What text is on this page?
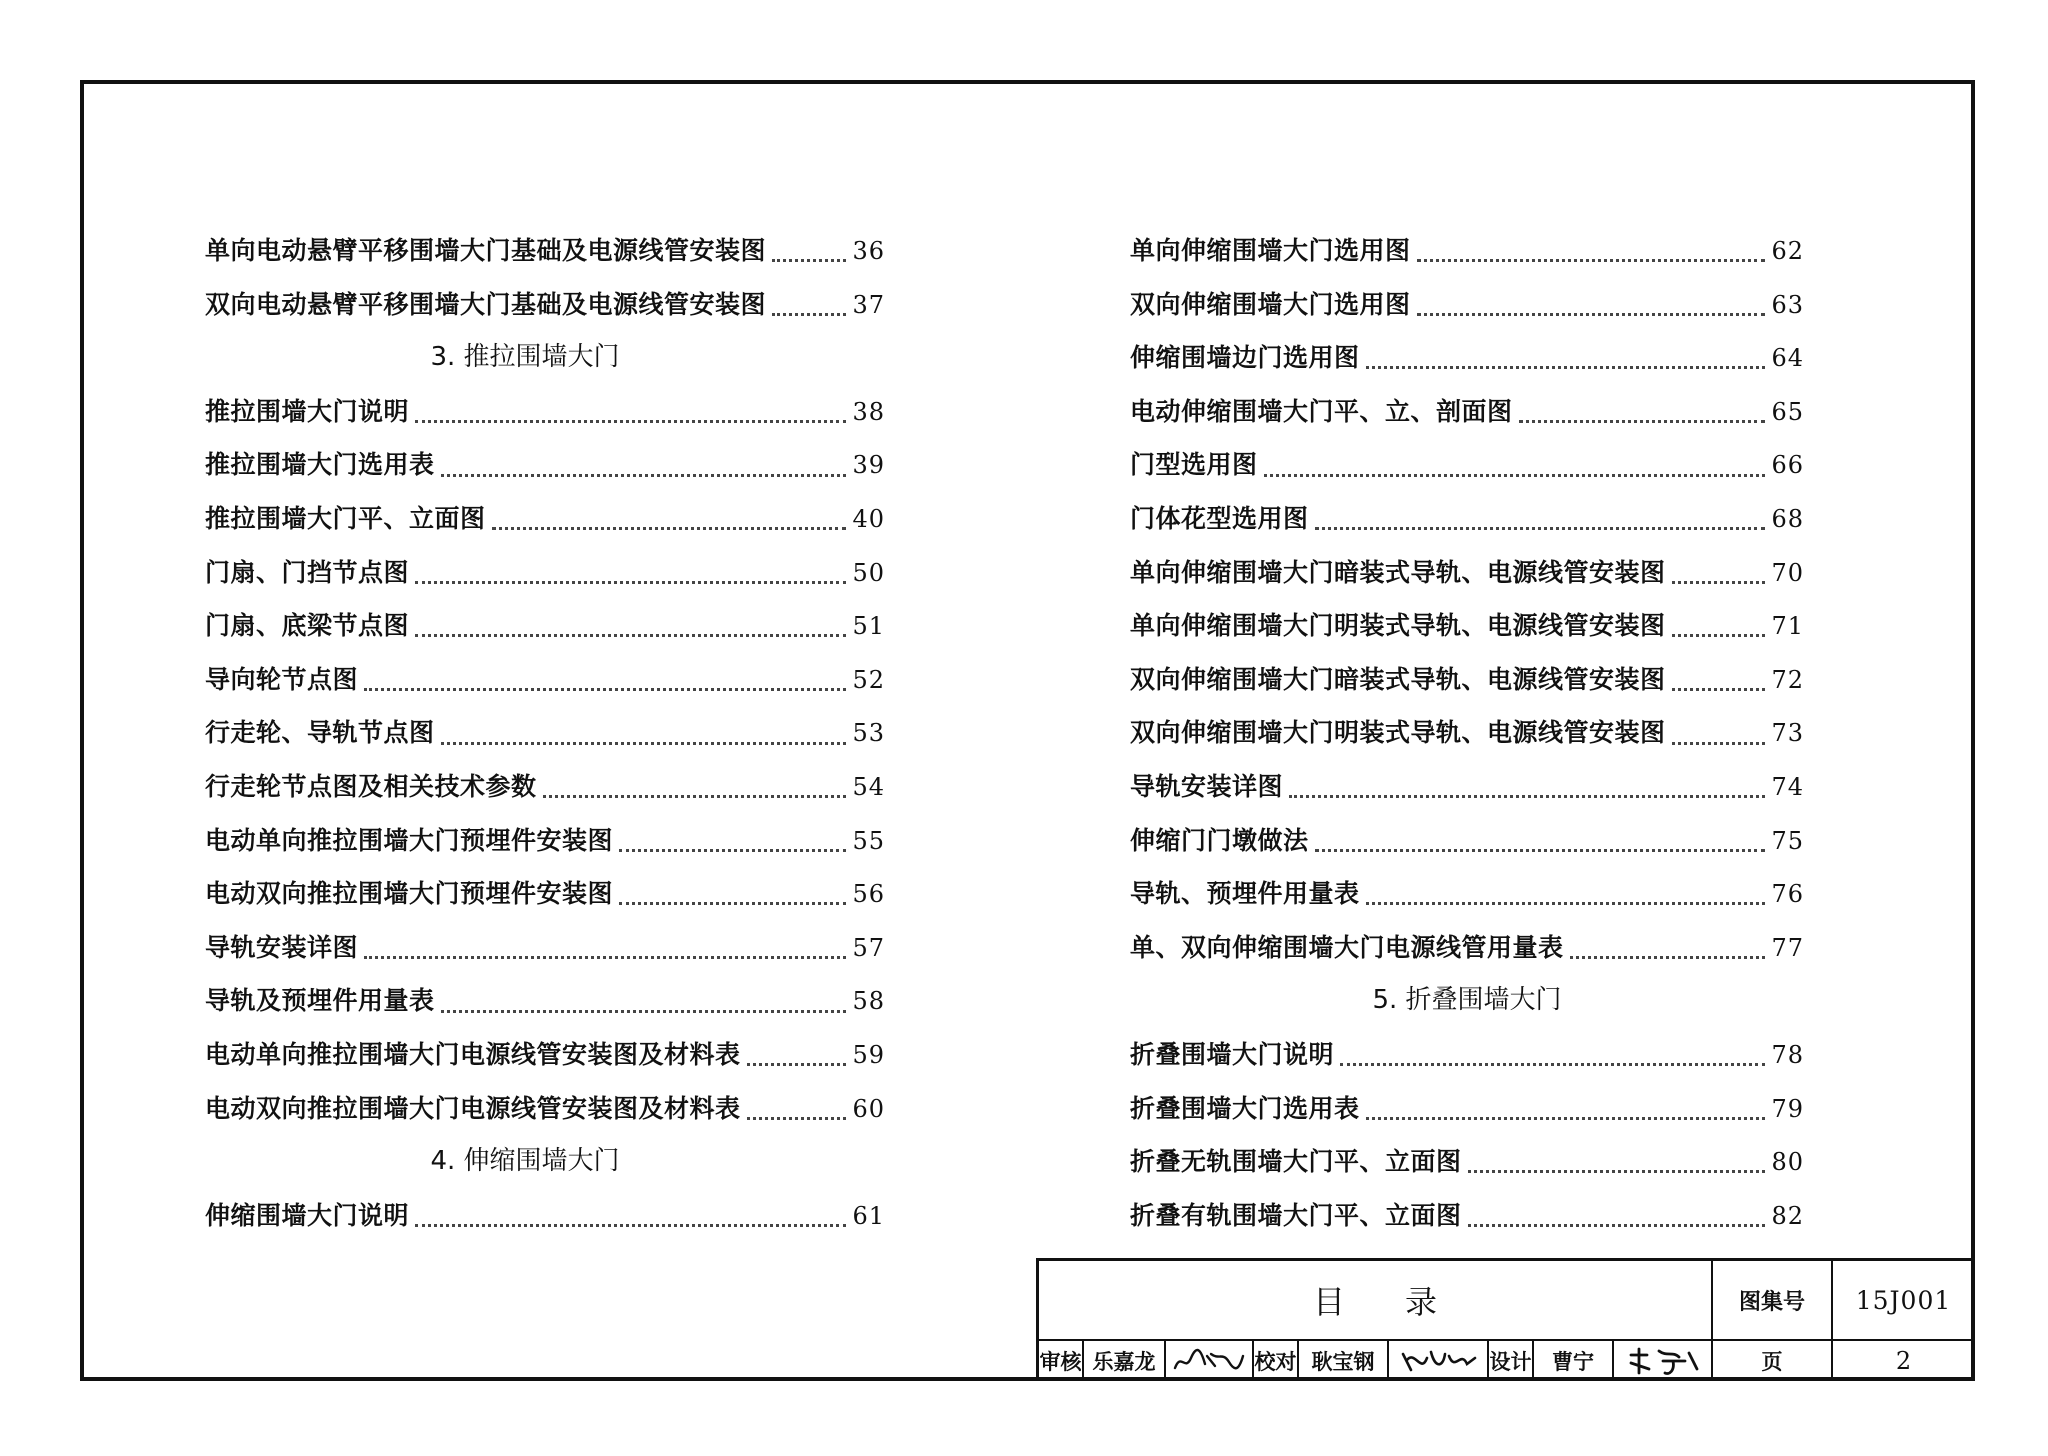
单向电动悬臂平移围墙大门基础及电源线管安装图	36
双向电动悬臂平移围墙大门基础及电源线管安装图	37
3. 推拉围墙大门
推拉围墙大门说明	38
推拉围墙大门选用表	39
推拉围墙大门平、立面图	40
门扇、门挡节点图	50
门扇、底梁节点图	51
导向轮节点图	52
行走轮、导轨节点图	53
行走轮节点图及相关技术参数	54
电动单向推拉围墙大门预埋件安装图	55
电动双向推拉围墙大门预埋件安装图	56
导轨安装详图	57
导轨及预埋件用量表	58
电动单向推拉围墙大门电源线管安装图及材料表	59
电动双向推拉围墙大门电源线管安装图及材料表	60
4. 伸缩围墙大门
伸缩围墙大门说明	61
单向伸缩围墙大门选用图	62
双向伸缩围墙大门选用图	63
伸缩围墙边门选用图	64
电动伸缩围墙大门平、立、剖面图	65
门型选用图	66
门体花型选用图	68
单向伸缩围墙大门暗装式导轨、电源线管安装图	70
单向伸缩围墙大门明装式导轨、电源线管安装图	71
双向伸缩围墙大门暗装式导轨、电源线管安装图	72
双向伸缩围墙大门明装式导轨、电源线管安装图	73
导轨安装详图	74
伸缩门门墩做法	75
导轨、预埋件用量表	76
单、双向伸缩围墙大门电源线管用量表	77
5. 折叠围墙大门
折叠围墙大门说明	78
折叠围墙大门选用表	79
折叠无轨围墙大门平、立面图	80
折叠有轨围墙大门平、立面图	82
目录	图集号	15J001
审核 乐嘉龙	校对 耿宝钢	设计 曹宁	页	2
